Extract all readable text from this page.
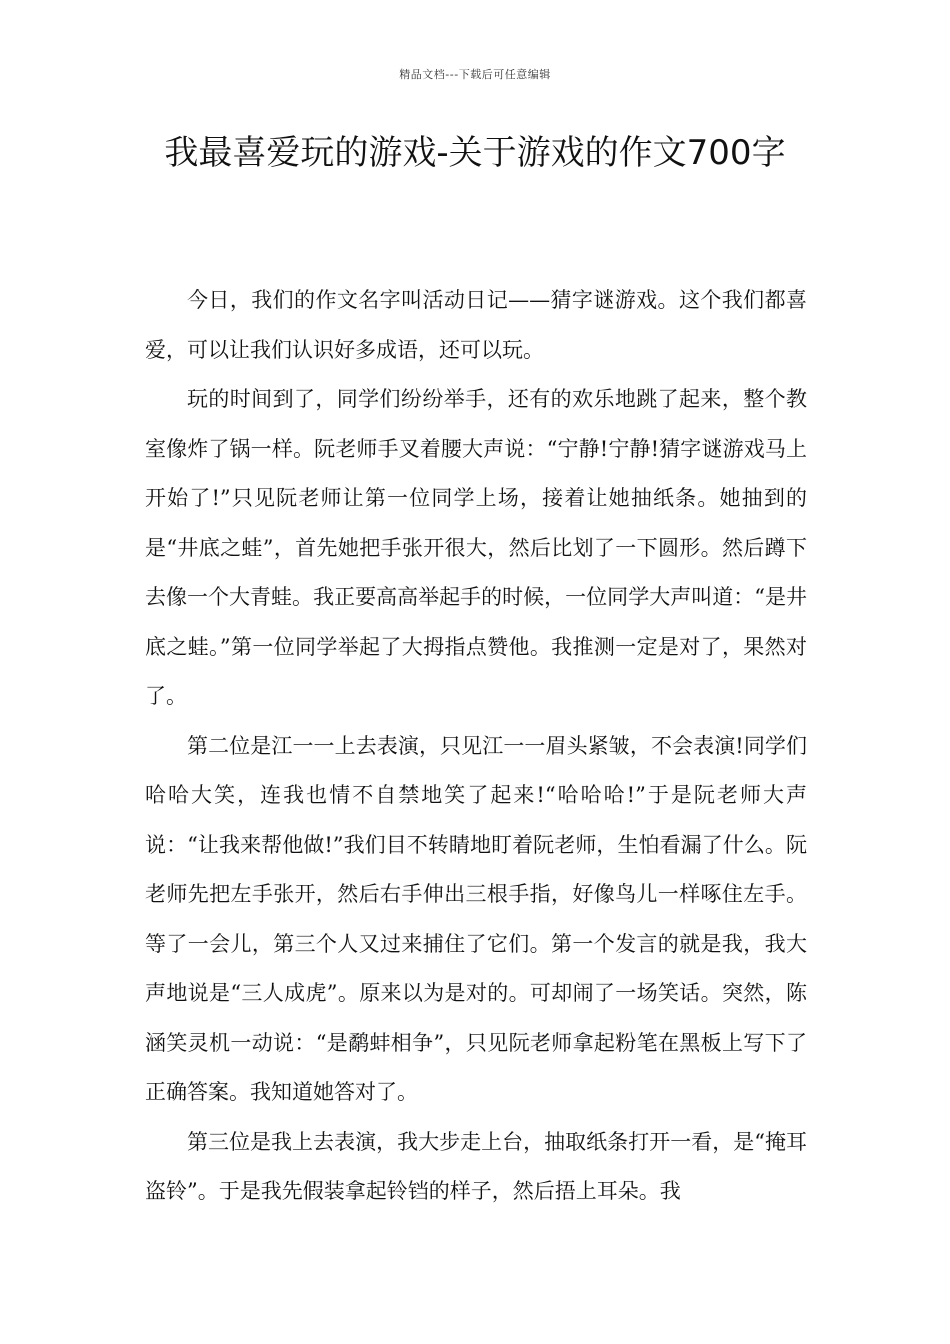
精品文档---下载后可任意编辑
我最喜爱玩的游戏-关于游戏的作文700字

今日，我们的作文名字叫活动日记——猜字谜游戏。这个我们都喜爱，可以让我们认识好多成语，还可以玩。

玩的时间到了，同学们纷纷举手，还有的欢乐地跳了起来，整个教室像炸了锅一样。阮老师手叉着腰大声说：“宁静!宁静!猜字谜游戏马上开始了!”只见阮老师让第一位同学上场，接着让她抽纸条。她抽到的是“井底之蛙”，首先她把手张开很大，然后比划了一下圆形。然后蹲下去像一个大青蛙。我正要高高举起手的时候，一位同学大声叫道：“是井底之蛙。”第一位同学举起了大拇指点赞他。我推测一定是对了，果然对了。

第二位是江一一上去表演，只见江一一眉头紧皱，不会表演!同学们哈哈大笑，连我也情不自禁地笑了起来!“哈哈哈!”于是阮老师大声说：“让我来帮他做!”我们目不转睛地盯着阮老师，生怕看漏了什么。阮老师先把左手张开，然后右手伸出三根手指，好像鸟儿一样啄住左手。等了一会儿，第三个人又过来捕住了它们。第一个发言的就是我，我大声地说是“三人成虎”。原来以为是对的。可却闹了一场笑话。突然，陈涵笑灵机一动说：“是鹬蚌相争”，只见阮老师拿起粉笔在黑板上写下了正确答案。我知道她答对了。

第三位是我上去表演，我大步走上台，抽取纸条打开一看，是“掩耳盗铃”。于是我先假装拿起铃铛的样子，然后捂上耳朵。我
